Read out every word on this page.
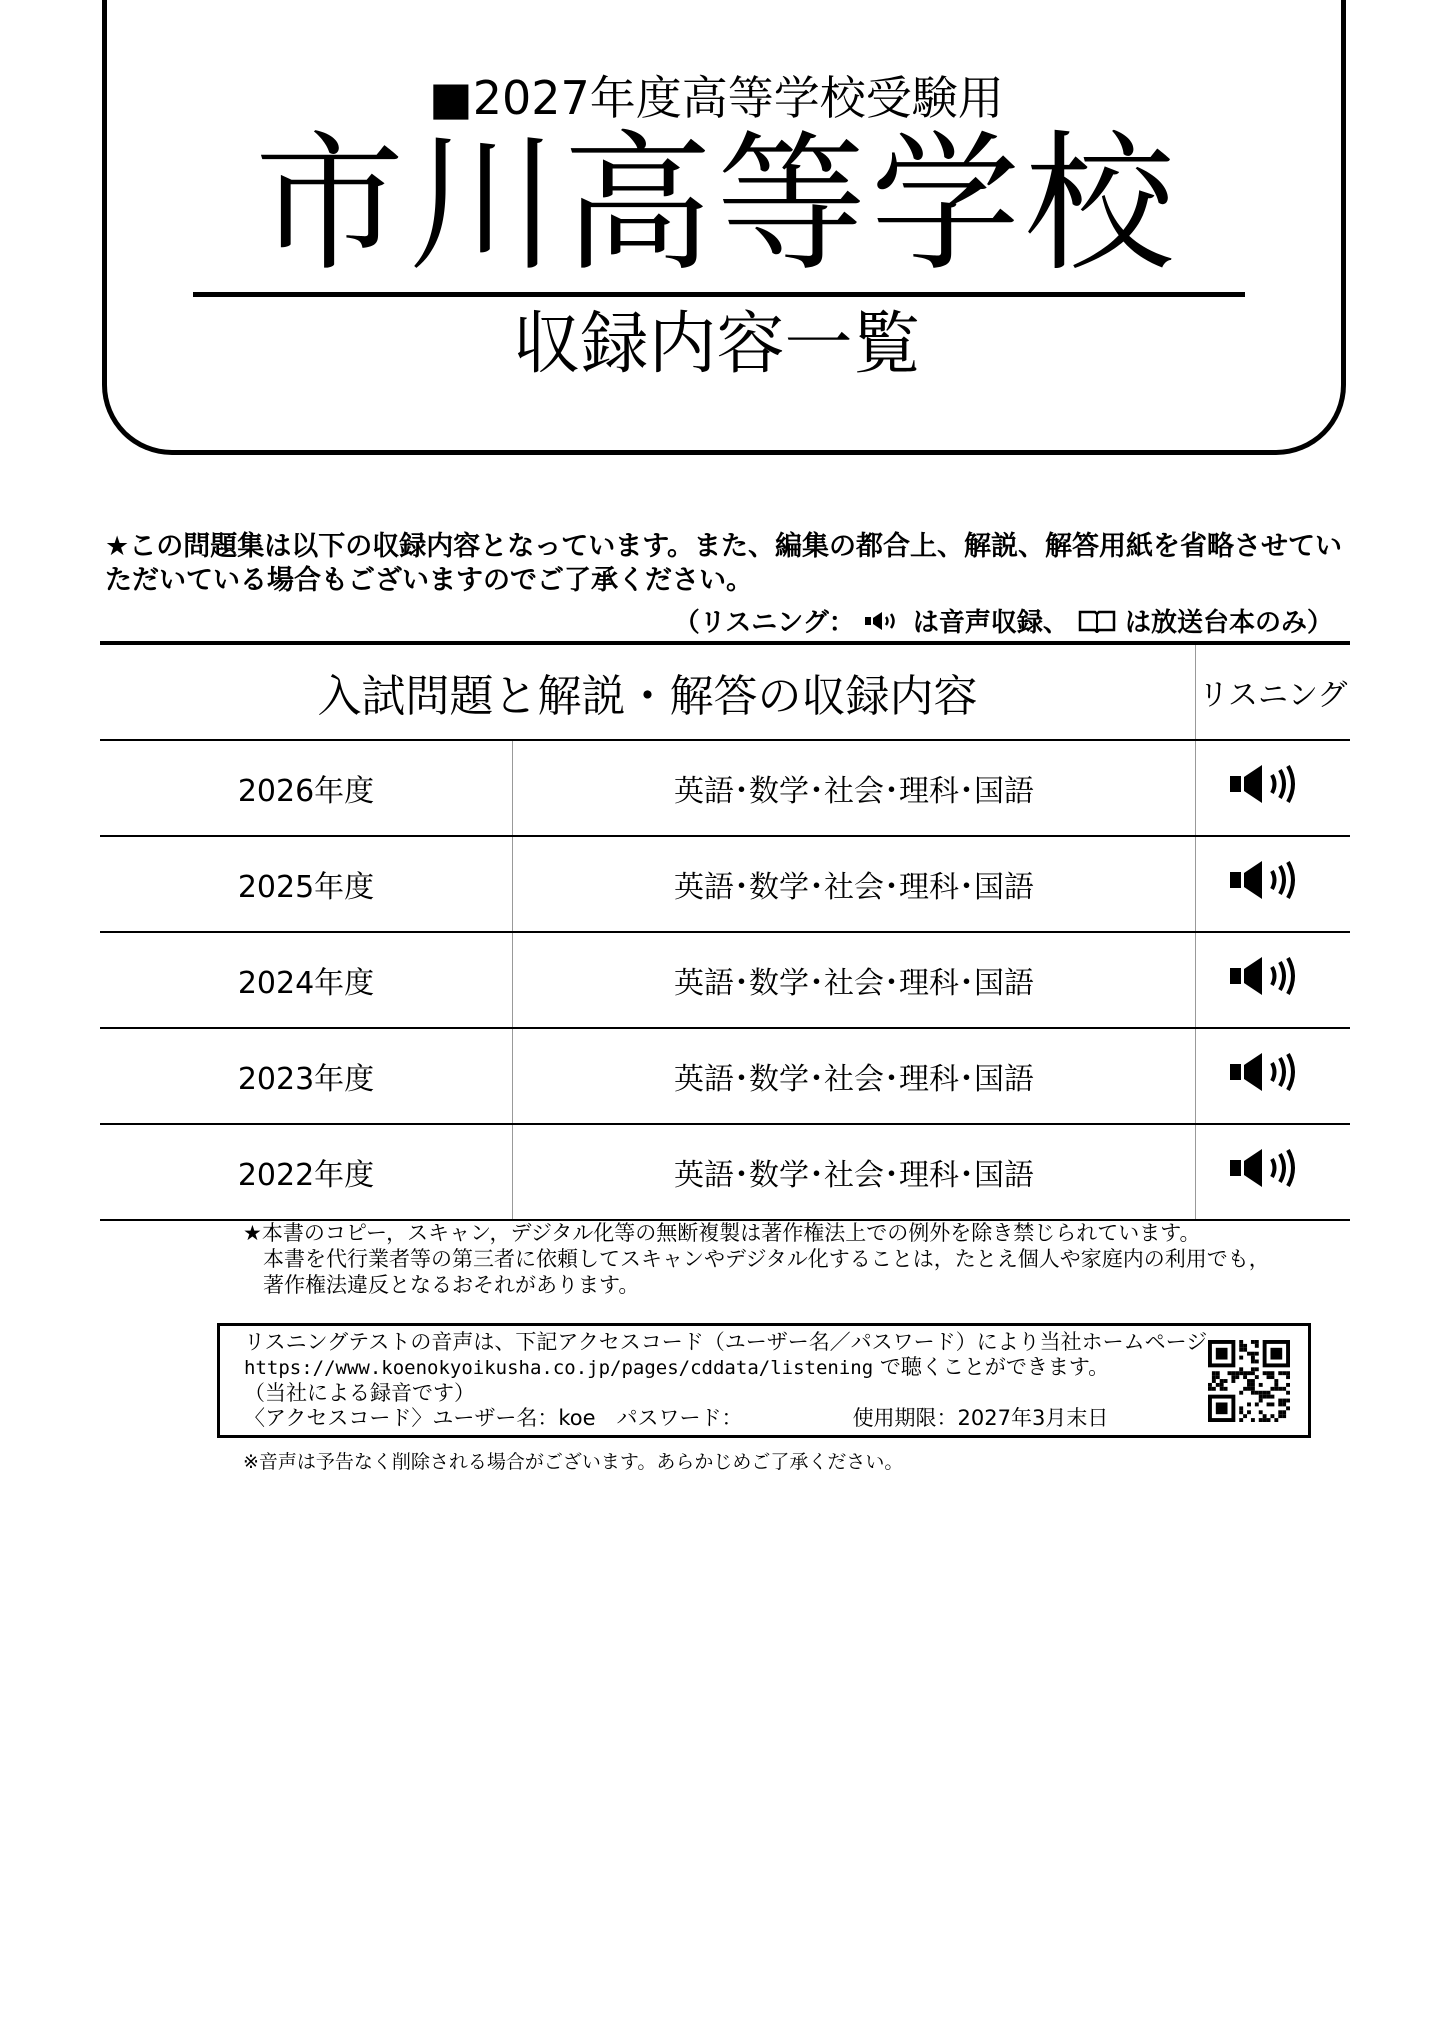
■2027年度高等学校受験用
市川高等学校
収録内容一覧
★この問題集は以下の収録内容となっています。また、編集の都合上、解説、解答用紙を省略させていただいている場合もございますのでご了承ください。
（リスニング： は音声収録、 は放送台本のみ）
入試問題と解説・解答の収録内容		リスニング
2026年度	英語･数学･社会･理科･国語	
2025年度	英語･数学･社会･理科･国語	
2024年度	英語･数学･社会･理科･国語	
2023年度	英語･数学･社会･理科･国語	
2022年度	英語･数学･社会･理科･国語	
★本書のコピー，スキャン，デジタル化等の無断複製は著作権法上での例外を除き禁じられています。
本書を代行業者等の第三者に依頼してスキャンやデジタル化することは，たとえ個人や家庭内の利用でも，
著作権法違反となるおそれがあります。
リスニングテストの音声は、下記アクセスコード（ユーザー名／パスワード）により当社ホームページ
https://www.koenokyoikusha.co.jp/pages/cddata/listening で聴くことができます。
（当社による録音です）
〈アクセスコード〉ユーザー名：koe　パスワード：	使用期限：2027年3月末日
※音声は予告なく削除される場合がございます。あらかじめご了承ください。
